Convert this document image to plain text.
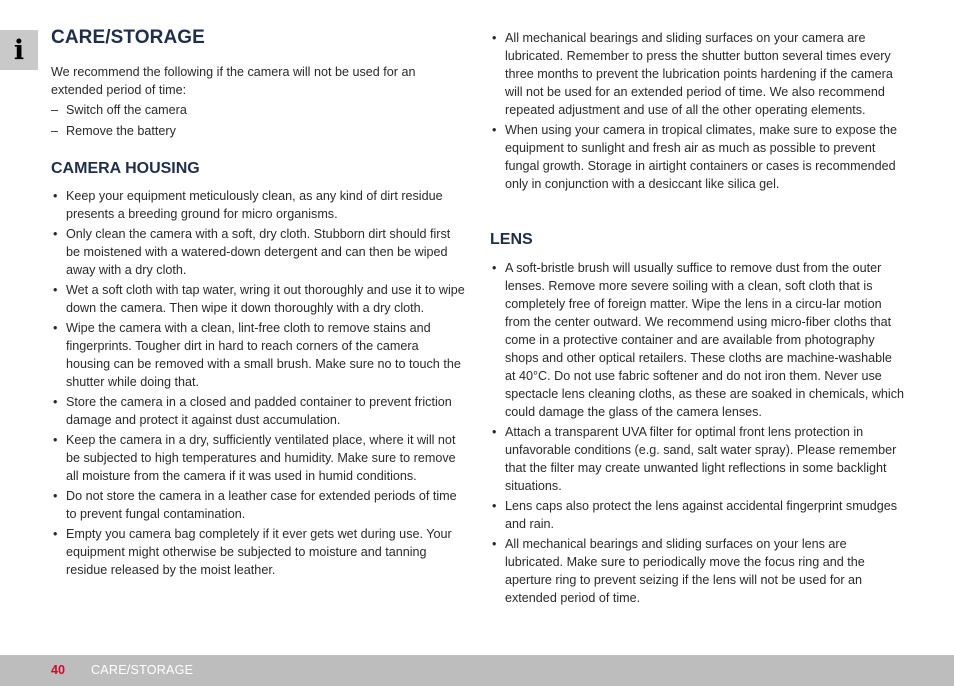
i CARE/STORAGE

We recommend the following if the camera will not be used for an extended period of time:

– Switch off the camera
– Remove the battery
CAMERA HOUSING
• Keep your equipment meticulously clean, as any kind of dirt residue presents a breeding ground for micro organisms.
• Only clean the camera with a soft, dry cloth. Stubborn dirt should first be moistened with a watered-down detergent and can then be wiped away with a dry cloth.
• Wet a soft cloth with tap water, wring it out thoroughly and use it to wipe down the camera. Then wipe it down thoroughly with a dry cloth.
• Wipe the camera with a clean, lint-free cloth to remove stains and fingerprints. Tougher dirt in hard to reach corners of the camera housing can be removed with a small brush. Make sure no to touch the shutter while doing that.
• Store the camera in a closed and padded container to prevent friction damage and protect it against dust accumulation.
• Keep the camera in a dry, sufficiently ventilated place, where it will not be subjected to high temperatures and humidity. Make sure to remove all moisture from the camera if it was used in humid conditions.
• Do not store the camera in a leather case for extended periods of time to prevent fungal contamination.
• Empty you camera bag completely if it ever gets wet during use. Your equipment might otherwise be subjected to moisture and tanning residue released by the moist leather.
• All mechanical bearings and sliding surfaces on your camera are lubricated. Remember to press the shutter button several times every three months to prevent the lubrication points hardening if the camera will not be used for an extended period of time. We also recommend repeated adjustment and use of all the other operating elements.
• When using your camera in tropical climates, make sure to expose the equipment to sunlight and fresh air as much as possible to prevent fungal growth. Storage in airtight containers or cases is recommended only in conjunction with a desiccant like silica gel.
LENS
• A soft-bristle brush will usually suffice to remove dust from the outer lenses. Remove more severe soiling with a clean, soft cloth that is completely free of foreign matter. Wipe the lens in a circu-lar motion from the center outward. We recommend using micro-fiber cloths that come in a protective container and are available from photography shops and other optical retailers. These cloths are machine-washable at 40°C. Do not use fabric softener and do not iron them. Never use spectacle lens cleaning cloths, as these are soaked in chemicals, which could damage the glass of the camera lenses.
• Attach a transparent UVA filter for optimal front lens protection in unfavorable conditions (e.g. sand, salt water spray). Please remember that the filter may create unwanted light reflections in some backlight situations.
• Lens caps also protect the lens against accidental fingerprint smudges and rain.
• All mechanical bearings and sliding surfaces on your lens are lubricated. Make sure to periodically move the focus ring and the aperture ring to prevent seizing if the lens will not be used for an extended period of time.
40 CARE/STORAGE
